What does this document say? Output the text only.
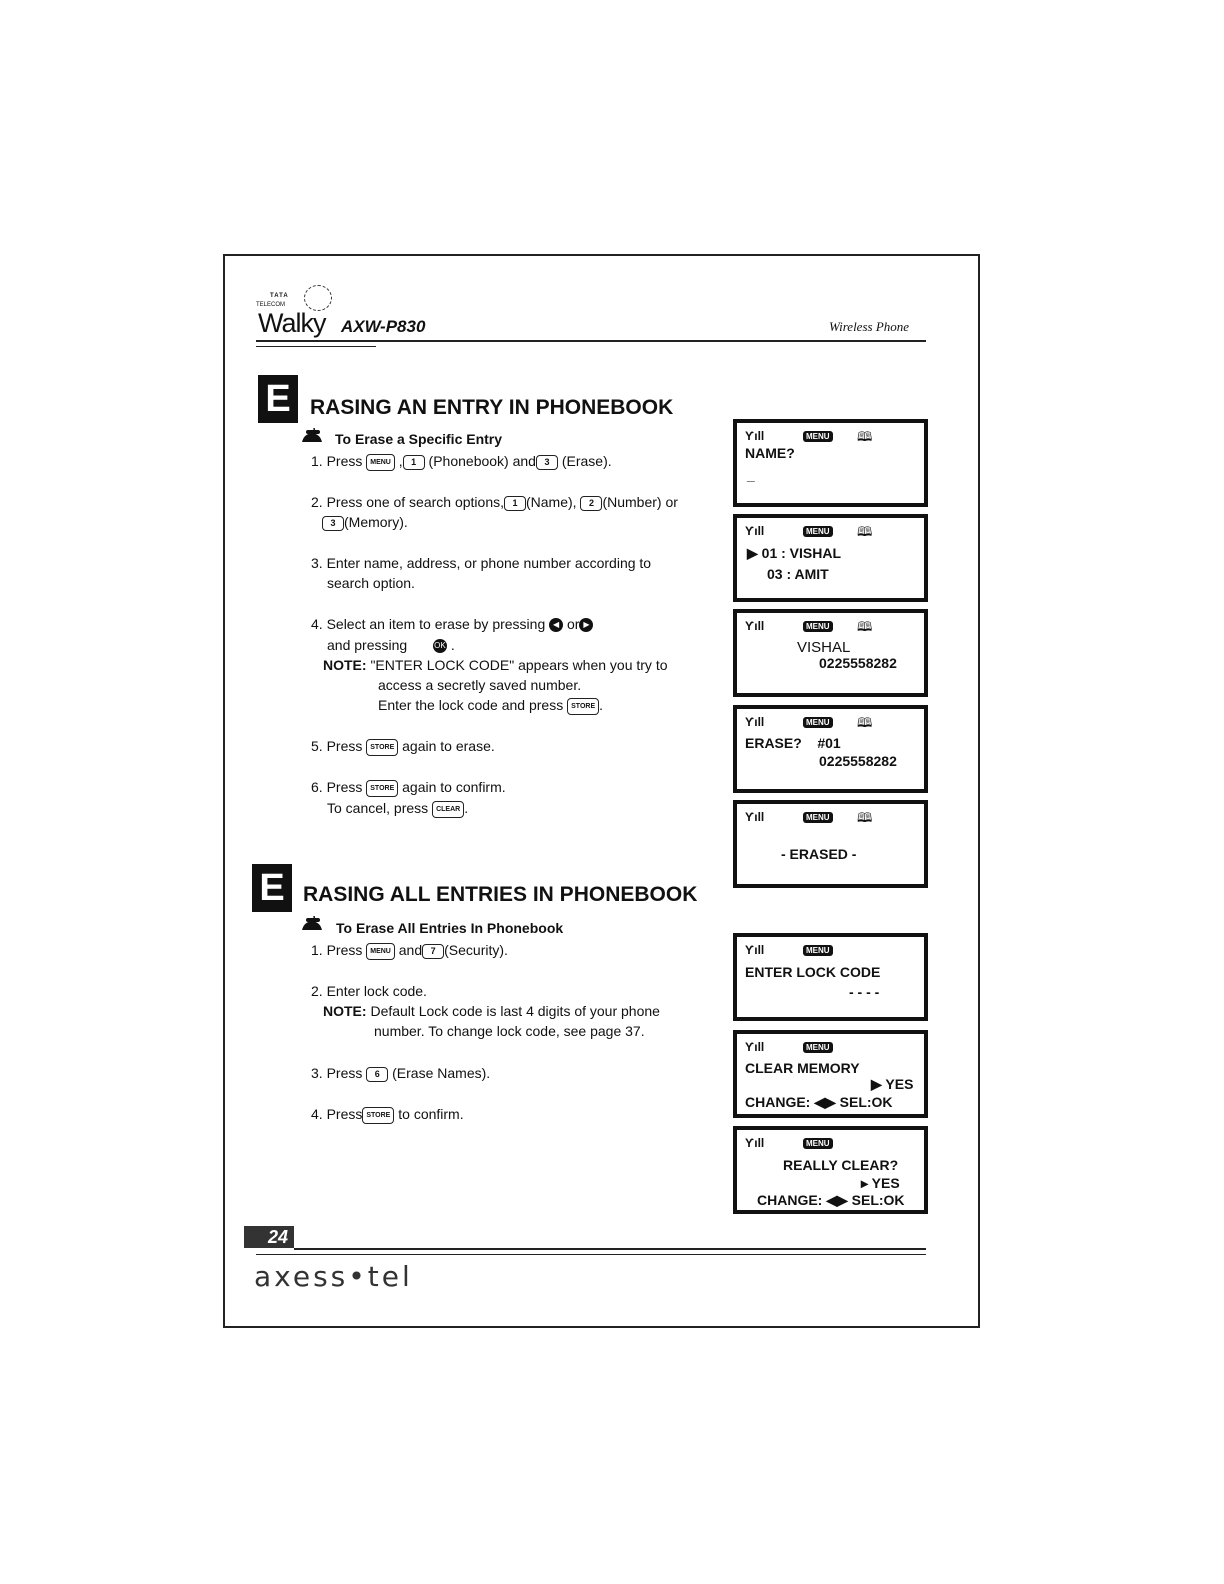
TATA
TELECOM
Walky AXW-P830	Wireless Phone
E RASING AN ENTRY IN PHONEBOOK
To Erase a Specific Entry
1. Press MENU , 1 (Phonebook) and 3 (Erase).
2. Press one of search options, 1 (Name), 2 (Number) or
3 (Memory).
3. Enter name, address, or phone number according to
search option.
4. Select an item to erase by pressing ◀ or ▶
and pressing	OK .
NOTE: "ENTER LOCK CODE" appears when you try to
access a secretly saved number.
Enter the lock code and press STORE .
5. Press STORE again to erase.
6. Press STORE again to confirm.
To cancel, press CLEAR .
E RASING ALL ENTRIES IN PHONEBOOK
To Erase All Entries In Phonebook
1. Press MENU and 7 (Security).
2. Enter lock code.
NOTE: Default Lock code is last 4 digits of your phone
number. To change lock code, see page 37.
3. Press 6 (Erase Names).
4. Press STORE to confirm.
Ƴıll	MENU 🕮
NAME?
_
Ƴıll	MENU 🕮
▶ 01 : VISHAL
03 : AMIT
Ƴıll	MENU 🕮
VISHAL
0225558282
Ƴıll	MENU 🕮
ERASE?    #01
0225558282
Ƴıll	MENU 🕮
- ERASED -
Ƴıll	MENU
ENTER LOCK CODE
- - - -
Ƴıll	MENU
CLEAR MEMORY
▶ YES
CHANGE: ◀▶ SEL:OK
Ƴıll	MENU
REALLY CLEAR?
▸ YES
CHANGE: ◀▶ SEL:OK
24
axess•tel
